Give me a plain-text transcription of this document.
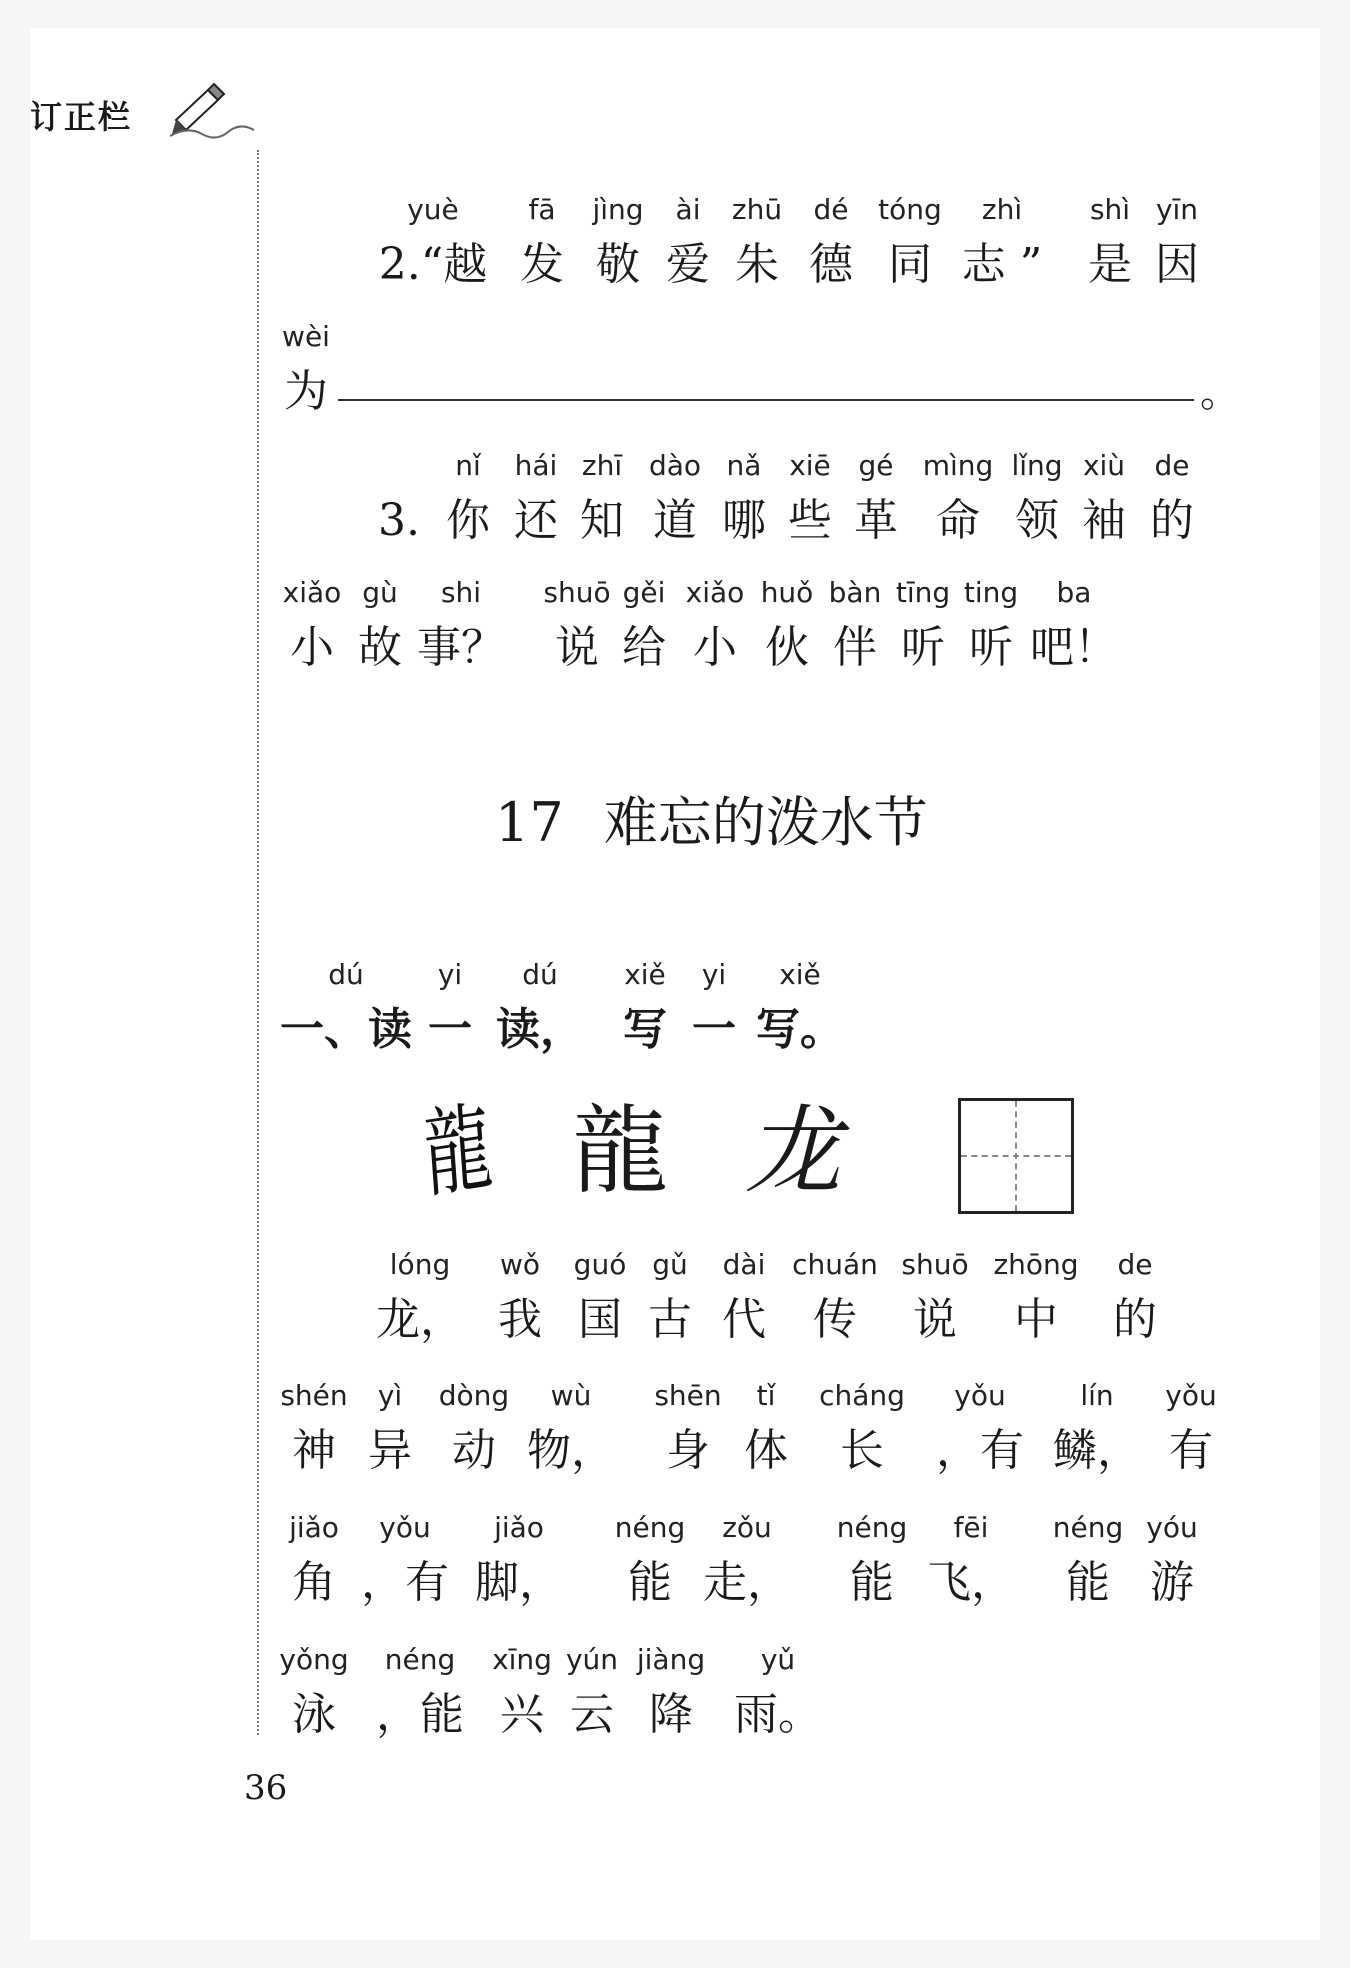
订正栏
yuè
2.“越
fā
发
jìng
敬
ài
爱
zhū
朱
dé
德
tóng
同
zhì
志 ”
shì
是
yīn
因
wèi
为	。
3.
nǐ
你
hái
还
zhī
知
dào
道
nǎ
哪
xiē
些
gé
革
mìng
命
lǐng
领
xiù
袖
de
的
xiǎo
小
gù
故
shi
事？
shuō
说
gěi
给
xiǎo
小
huǒ
伙
bàn
伴
tīng
听
ting
听
ba
吧！
dú
一、读
yi
一
dú
读，
xiě
写
yi
一
xiě
写。
lóng
龙，
wǒ
我
guó
国
gǔ
古
dài
代
chuán
传
shuō
说
zhōng
中
de
的
shén
神
yì
异
dòng
动
wù
物，
shēn
身
tǐ
体
cháng
长
yǒu
，有
lín
鳞，
yǒu
有
jiǎo
角
yǒu
，有
jiǎo
脚，
néng
能
zǒu
走，
néng
能
fēi
飞，
néng
能
yóu
游
yǒng
泳
néng
，能
xīng
兴
yún
云
jiàng
降
yǔ
雨。
17 难忘的泼水节
龍 龍 龙
36
